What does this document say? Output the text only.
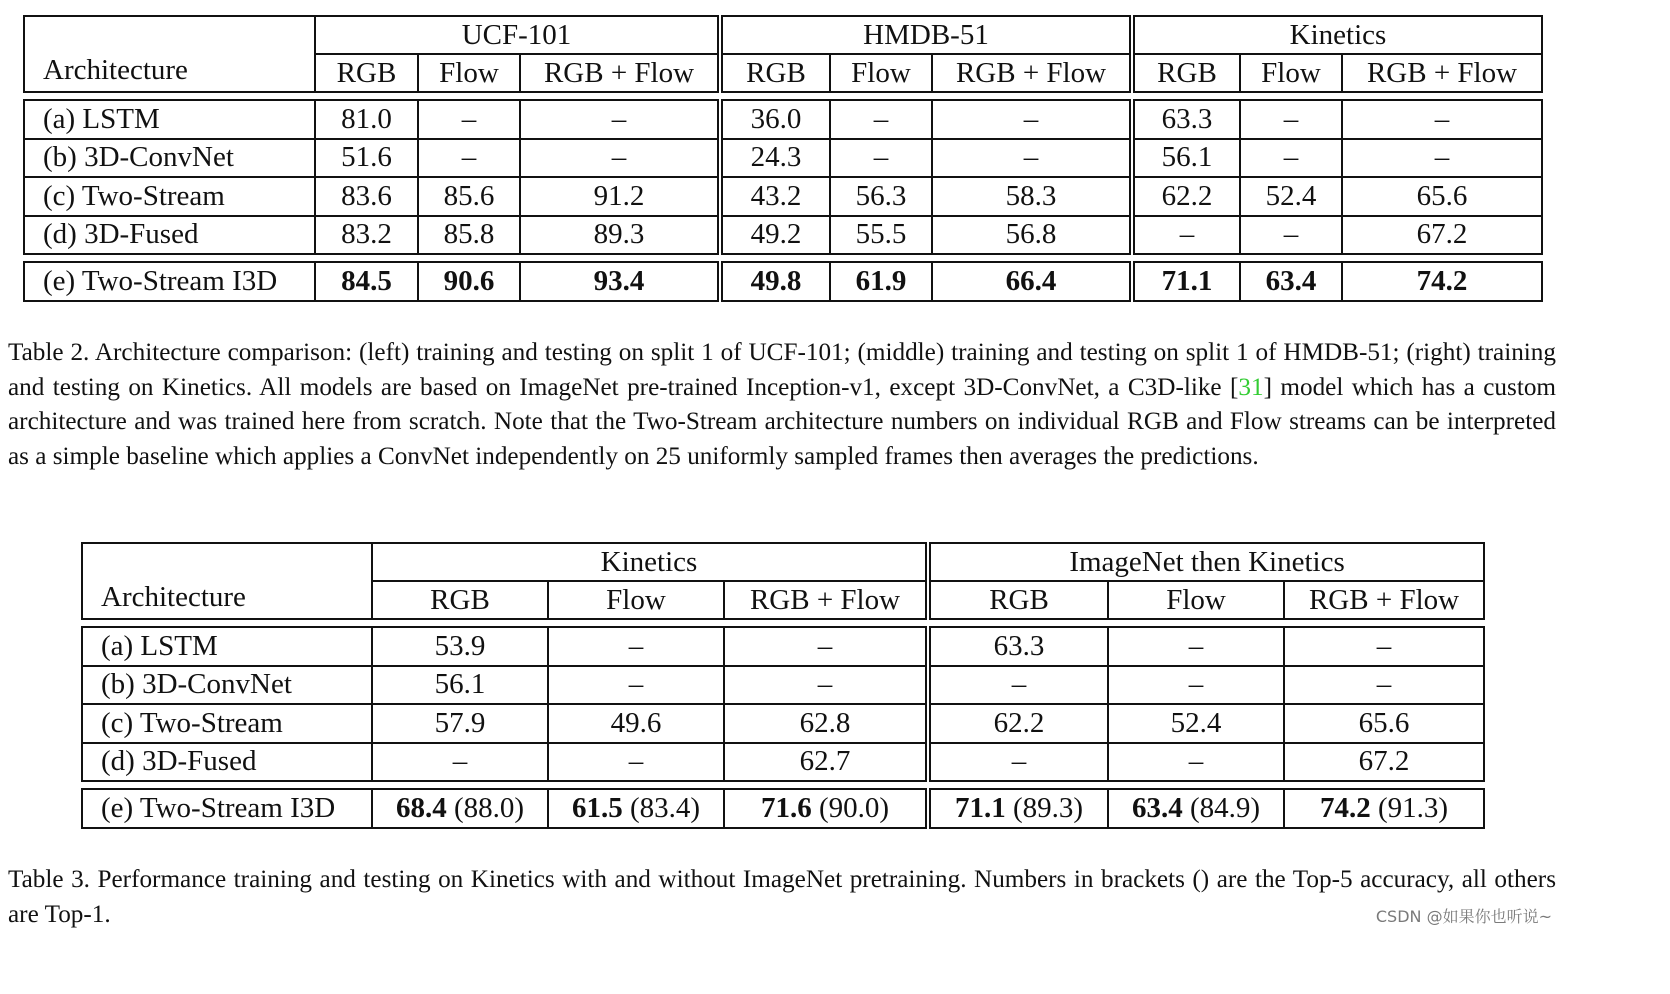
Architecture	UCF-101			HMDB-51			Kinetics		
	RGB	Flow	RGB + Flow	RGB	Flow	RGB + Flow	RGB	Flow	RGB + Flow

(a) LSTM	81.0	–	–	36.0	–	–	63.3	–	–
(b) 3D-ConvNet	51.6	–	–	24.3	–	–	56.1	–	–
(c) Two-Stream	83.6	85.6	91.2	43.2	56.3	58.3	62.2	52.4	65.6
(d) 3D-Fused	83.2	85.8	89.3	49.2	55.5	56.8	–	–	67.2

(e) Two-Stream I3D	84.5	90.6	93.4	49.8	61.9	66.4	71.1	63.4	74.2
Table 2. Architecture comparison: (left) training and testing on split 1 of UCF-101; (middle) training and testing on split 1 of HMDB-51; (right) training and testing on Kinetics. All models are based on ImageNet pre-trained Inception-v1, except 3D-ConvNet, a C3D-like [31] model which has a custom architecture and was trained here from scratch. Note that the Two-Stream architecture numbers on individual RGB and Flow streams can be interpreted as a simple baseline which applies a ConvNet independently on 25 uniformly sampled frames then averages the predictions.
Architecture	Kinetics			ImageNet then Kinetics		
	RGB	Flow	RGB + Flow	RGB	Flow	RGB + Flow

(a) LSTM	53.9	–	–	63.3	–	–
(b) 3D-ConvNet	56.1	–	–	–	–	–
(c) Two-Stream	57.9	49.6	62.8	62.2	52.4	65.6
(d) 3D-Fused	–	–	62.7	–	–	67.2

(e) Two-Stream I3D	68.4 (88.0)	61.5 (83.4)	71.6 (90.0)	71.1 (89.3)	63.4 (84.9)	74.2 (91.3)
Table 3. Performance training and testing on Kinetics with and without ImageNet pretraining. Numbers in brackets () are the Top-5 accuracy, all others are Top-1.	CSDN @如果你也听说~
